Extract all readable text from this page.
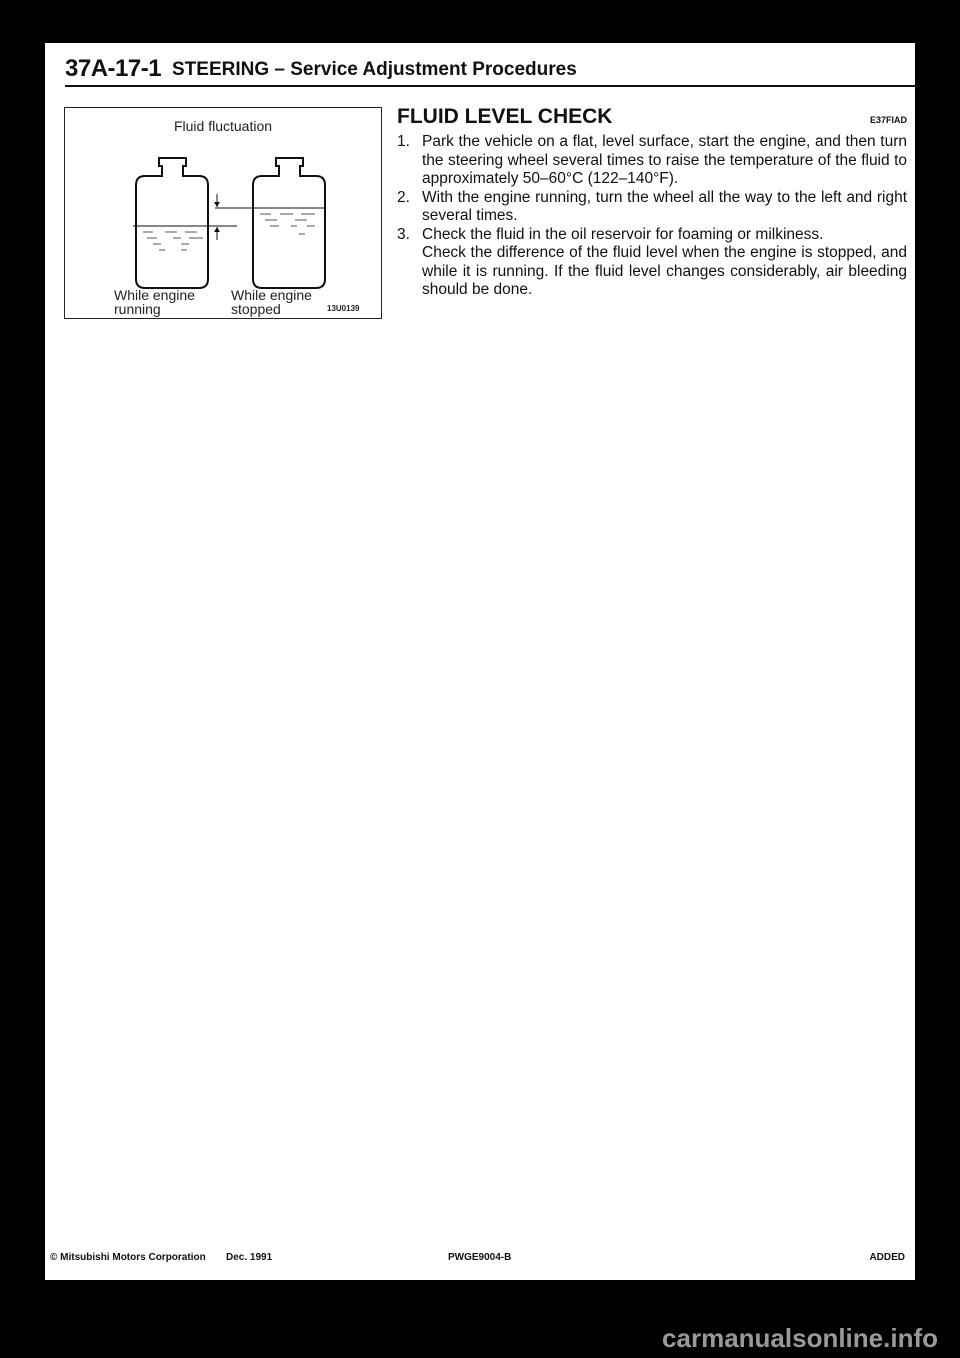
37A-17-1 STEERING – Service Adjustment Procedures
Fluid fluctuation
While engine
running
While engine
stopped	13U0139
FLUID LEVEL CHECK	E37FIAD
1. Park the vehicle on a flat, level surface, start the engine, and then turn the steering wheel several times to raise the temperature of the fluid to approximately 50–60°C (122–140°F).
2. With the engine running, turn the wheel all the way to the left and right several times.
3. Check the fluid in the oil reservoir for foaming or milkiness.
Check the difference of the fluid level when the engine is stopped, and while it is running. If the fluid level changes considerably, air bleeding should be done.
© Mitsubishi Motors Corporation Dec. 1991	PWGE9004-B	ADDED
carmanualsonline.info
